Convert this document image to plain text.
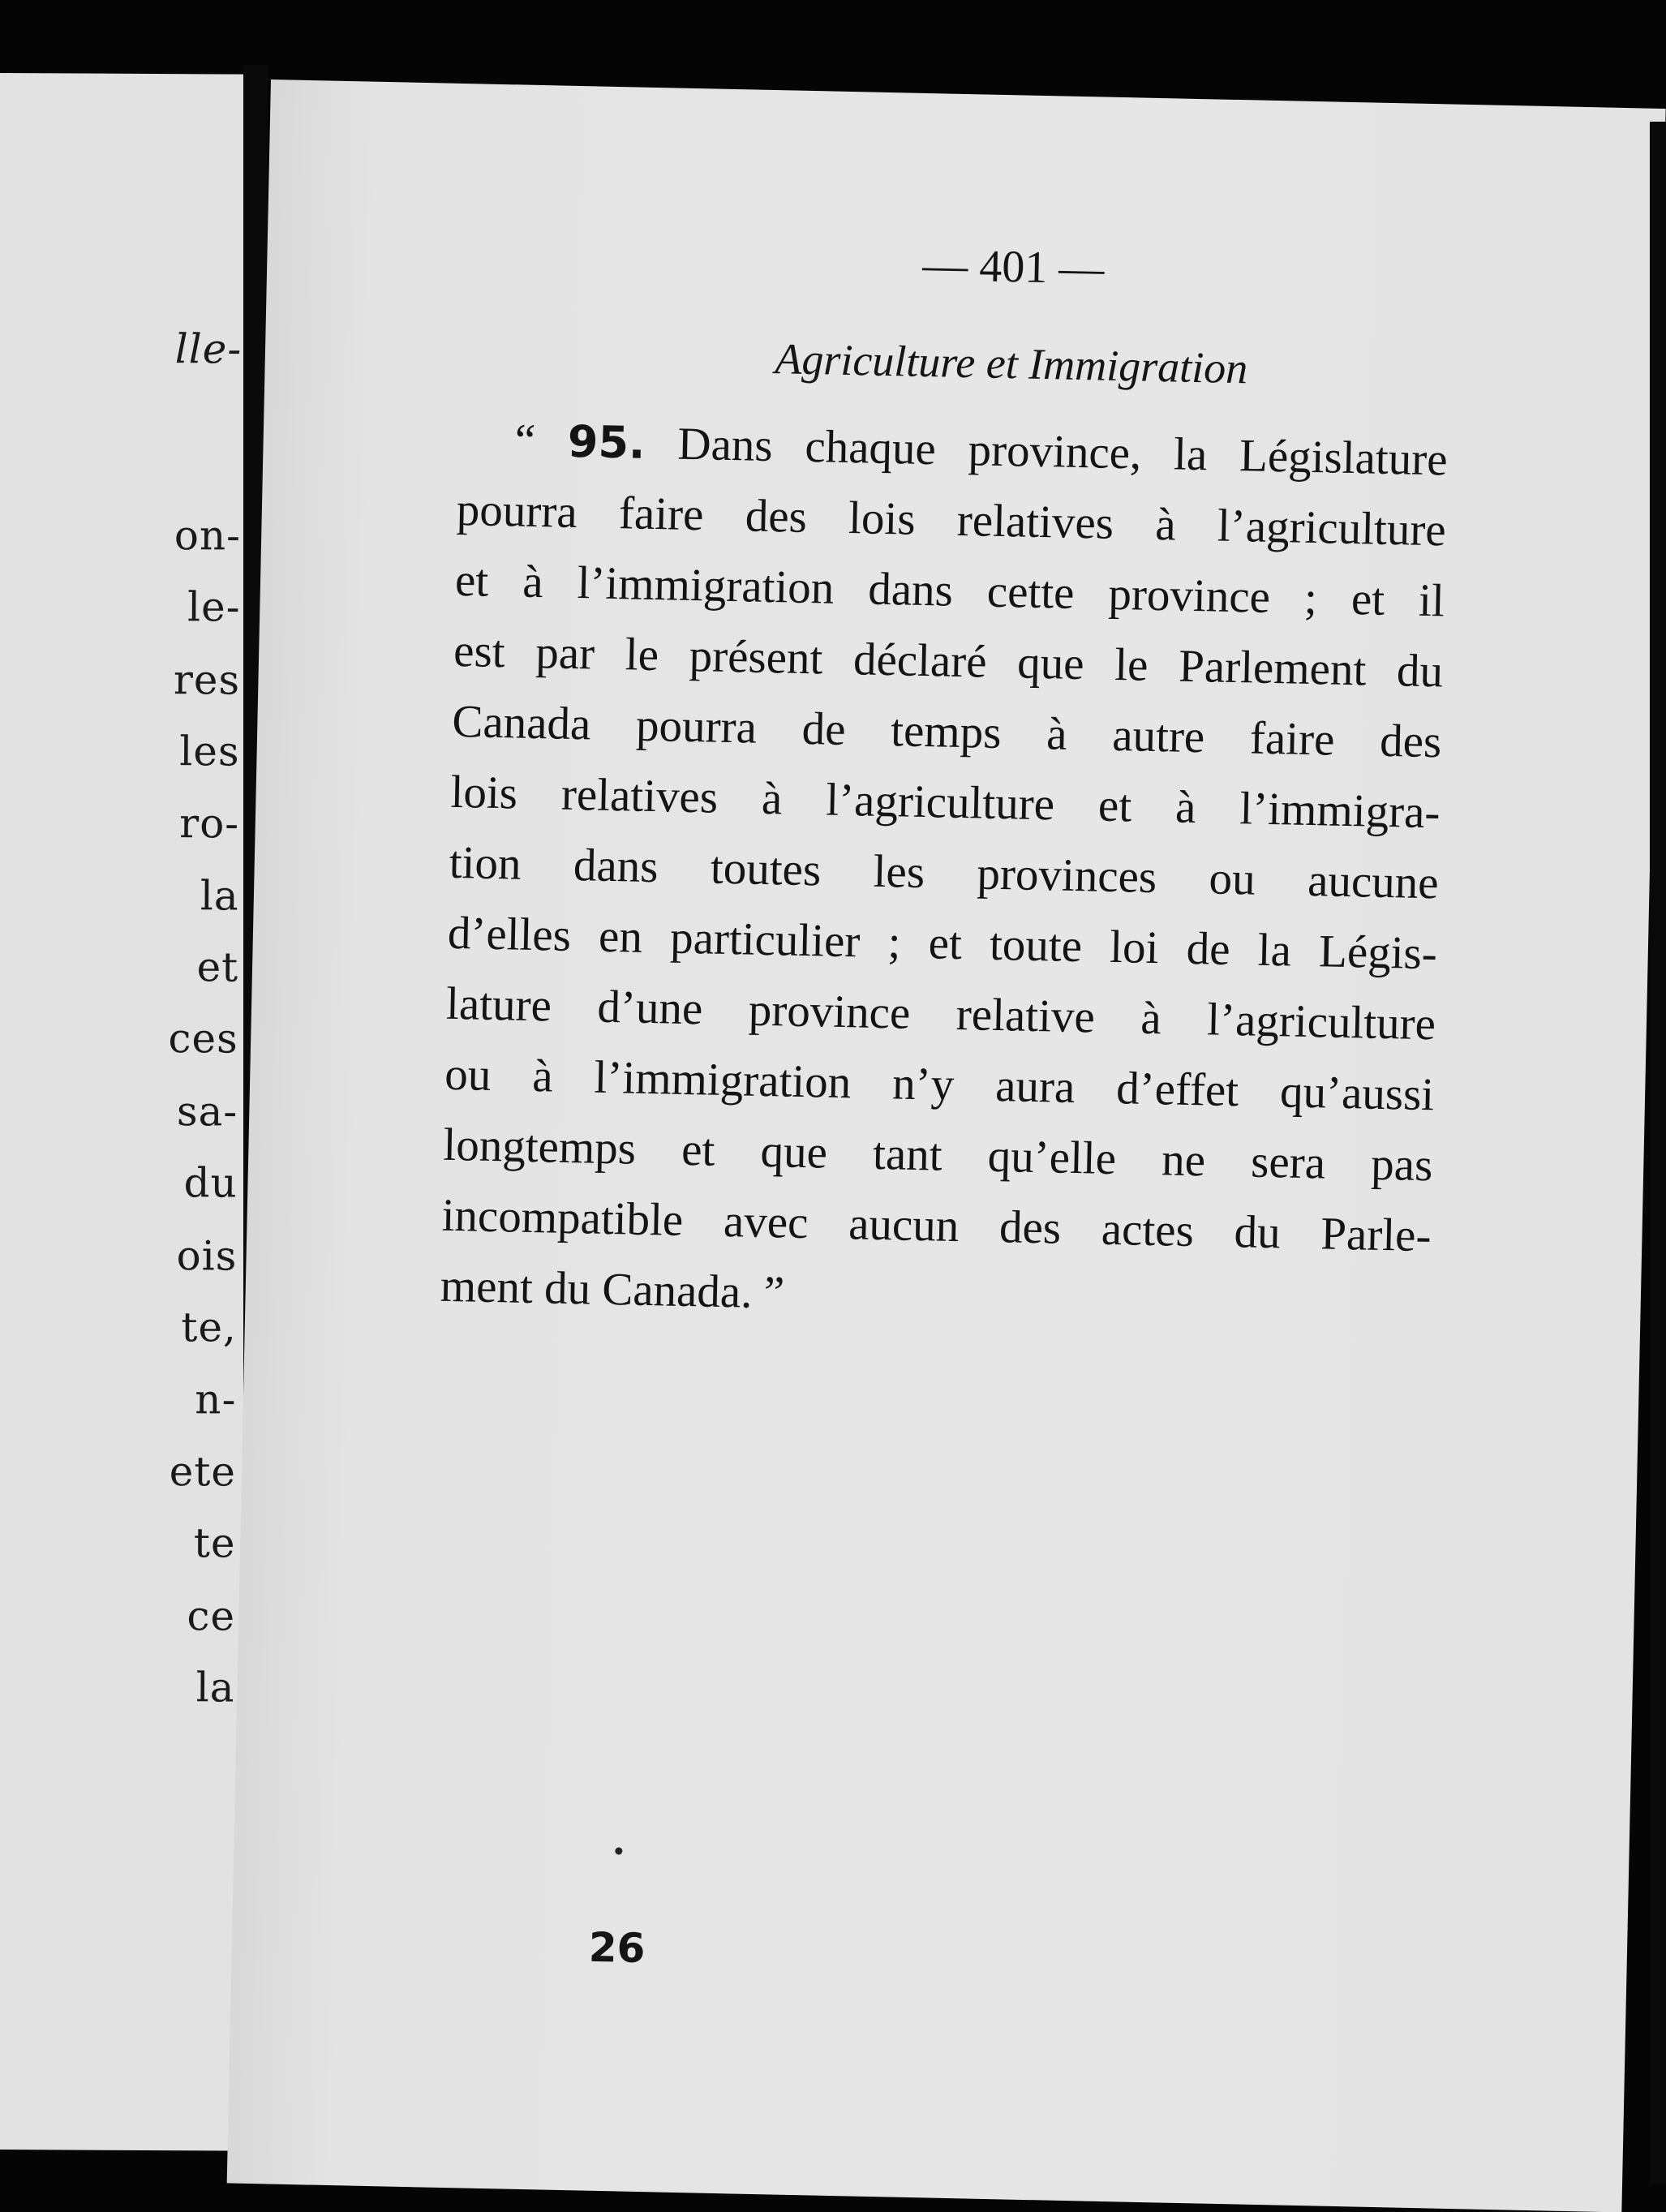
lle-
on-
le-
res
les
ro-
la
et
ces
sa-
du
ois
te,
n-
ete
te
ce
la
— 401 —
Agriculture et Immigration
“ 95. Dans chaque province, la Législature
pourra faire des lois relatives à l’agriculture
et à l’immigration dans cette province ; et il
est par le présent déclaré que le Parlement du
Canada pourra de temps à autre faire des
lois relatives à l’agriculture et à l’immigra-
tion dans toutes les provinces ou aucune
d’elles en particulier ; et toute loi de la Légis-
lature d’une province relative à l’agriculture
ou à l’immigration n’y aura d’effet qu’aussi
longtemps et que tant qu’elle ne sera pas
incompatible avec aucun des actes du Parle-
ment du Canada. ”
26
